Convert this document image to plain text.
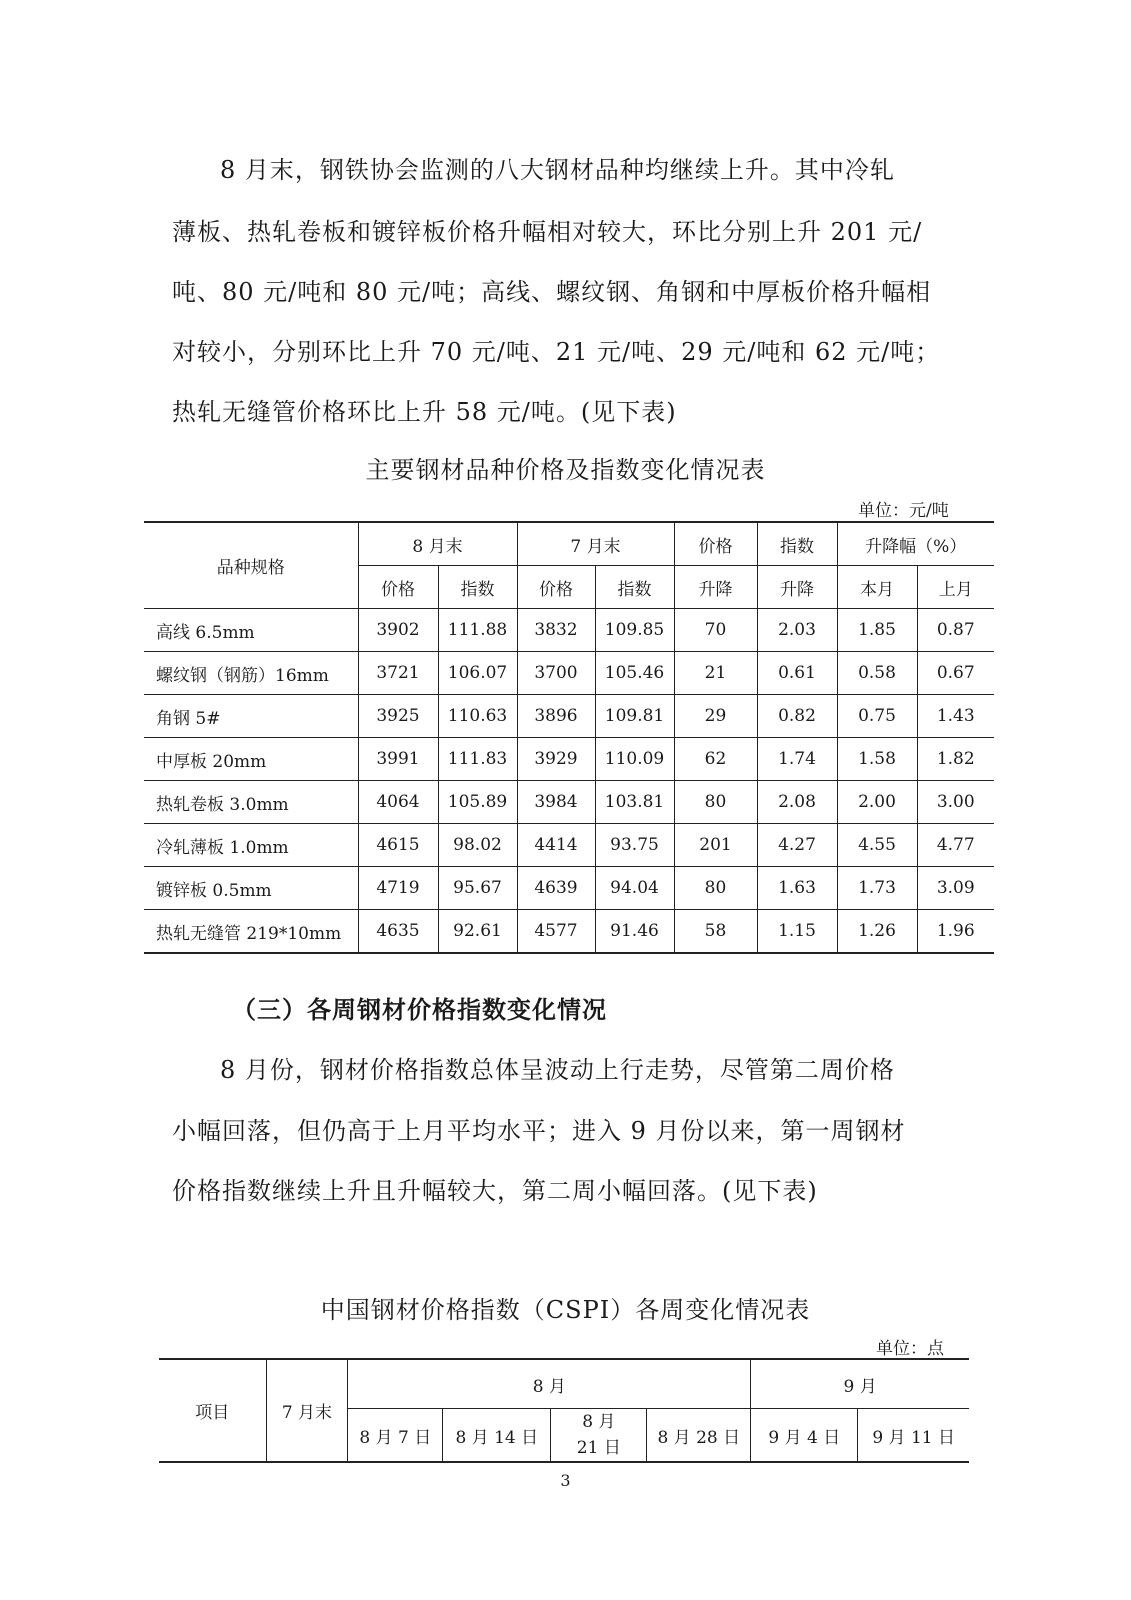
8 月末，钢铁协会监测的八大钢材品种均继续上升。其中冷轧
薄板、热轧卷板和镀锌板价格升幅相对较大，环比分别上升 201 元/
吨、80 元/吨和 80 元/吨；高线、螺纹钢、角钢和中厚板价格升幅相
对较小，分别环比上升 70 元/吨、21 元/吨、29 元/吨和 62 元/吨；
热轧无缝管价格环比上升 58 元/吨。(见下表)
主要钢材品种价格及指数变化情况表
单位：元/吨
品种规格	8 月末		7 月末		价格	指数	升降幅（%）	
	价格	指数	价格	指数	升降	升降	本月	上月
高线 6.5mm	3902	111.88	3832	109.85	70	2.03	1.85	0.87
螺纹钢（钢筋）16mm	3721	106.07	3700	105.46	21	0.61	0.58	0.67
角钢 5#	3925	110.63	3896	109.81	29	0.82	0.75	1.43
中厚板 20mm	3991	111.83	3929	110.09	62	1.74	1.58	1.82
热轧卷板 3.0mm	4064	105.89	3984	103.81	80	2.08	2.00	3.00
冷轧薄板 1.0mm	4615	98.02	4414	93.75	201	4.27	4.55	4.77
镀锌板 0.5mm	4719	95.67	4639	94.04	80	1.63	1.73	3.09
热轧无缝管 219*10mm	4635	92.61	4577	91.46	58	1.15	1.26	1.96
（三）各周钢材价格指数变化情况
8 月份，钢材价格指数总体呈波动上行走势，尽管第二周价格
小幅回落，但仍高于上月平均水平；进入 9 月份以来，第一周钢材
价格指数继续上升且升幅较大，第二周小幅回落。(见下表)
中国钢材价格指数（CSPI）各周变化情况表
单位：点
项目	7 月末	8 月				9 月	
		8 月 7 日	8 月 14 日	8 月 21 日	8 月 28 日	9 月 4 日	9 月 11 日
3
